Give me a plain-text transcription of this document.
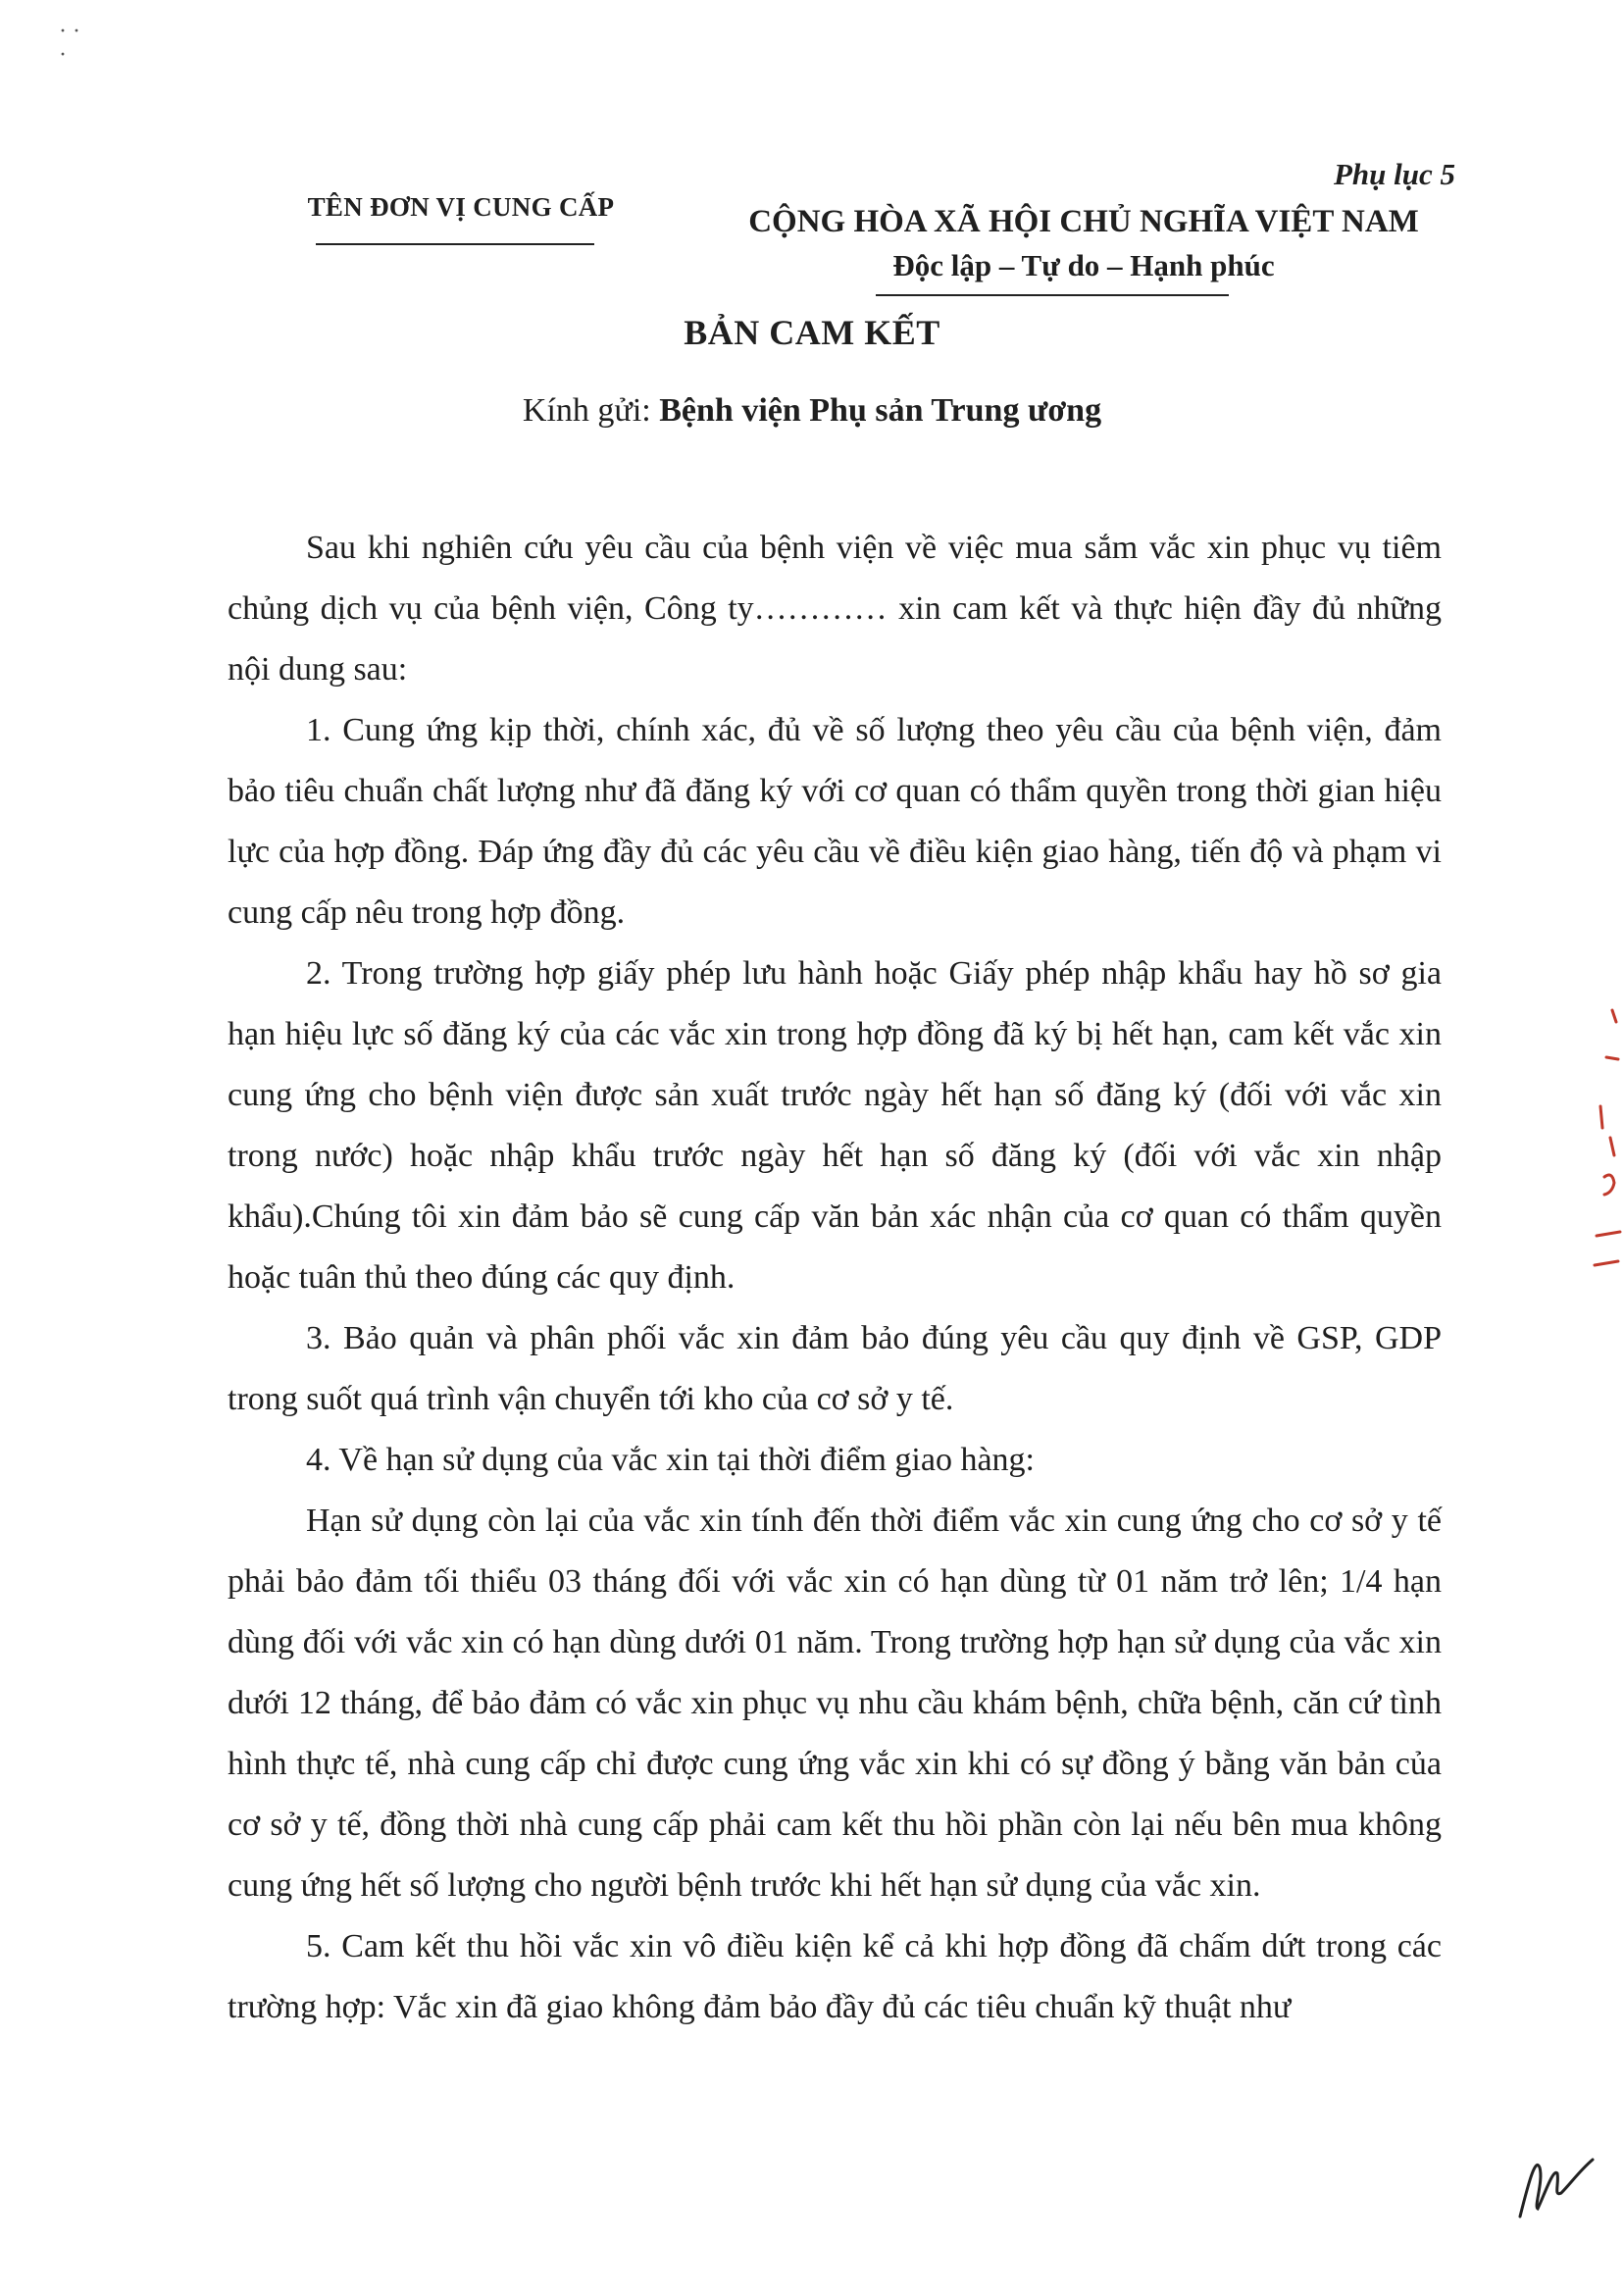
· ·
·
Phụ lục 5
TÊN ĐƠN VỊ CUNG CẤP	CỘNG HÒA XÃ HỘI CHỦ NGHĨA VIỆT NAM
Độc lập – Tự do – Hạnh phúc
BẢN CAM KẾT
Kính gửi: Bệnh viện Phụ sản Trung ương

Sau khi nghiên cứu yêu cầu của bệnh viện về việc mua sắm vắc xin phục vụ tiêm chủng dịch vụ của bệnh viện, Công ty………… xin cam kết và thực hiện đầy đủ những nội dung sau:

1. Cung ứng kịp thời, chính xác, đủ về số lượng theo yêu cầu của bệnh viện, đảm bảo tiêu chuẩn chất lượng như đã đăng ký với cơ quan có thẩm quyền trong thời gian hiệu lực của hợp đồng. Đáp ứng đầy đủ các yêu cầu về điều kiện giao hàng, tiến độ và phạm vi cung cấp nêu trong hợp đồng.

2. Trong trường hợp giấy phép lưu hành hoặc Giấy phép nhập khẩu hay hồ sơ gia hạn hiệu lực số đăng ký của các vắc xin trong hợp đồng đã ký bị hết hạn, cam kết vắc xin cung ứng cho bệnh viện được sản xuất trước ngày hết hạn số đăng ký (đối với vắc xin trong nước) hoặc nhập khẩu trước ngày hết hạn số đăng ký (đối với vắc xin nhập khẩu).Chúng tôi xin đảm bảo sẽ cung cấp văn bản xác nhận của cơ quan có thẩm quyền hoặc tuân thủ theo đúng các quy định.

3. Bảo quản và phân phối vắc xin đảm bảo đúng yêu cầu quy định về GSP, GDP trong suốt quá trình vận chuyển tới kho của cơ sở y tế.

4. Về hạn sử dụng của vắc xin tại thời điểm giao hàng:

Hạn sử dụng còn lại của vắc xin tính đến thời điểm vắc xin cung ứng cho cơ sở y tế phải bảo đảm tối thiểu 03 tháng đối với vắc xin có hạn dùng từ 01 năm trở lên; 1/4 hạn dùng đối với vắc xin có hạn dùng dưới 01 năm. Trong trường hợp hạn sử dụng của vắc xin dưới 12 tháng, để bảo đảm có vắc xin phục vụ nhu cầu khám bệnh, chữa bệnh, căn cứ tình hình thực tế, nhà cung cấp chỉ được cung ứng vắc xin khi có sự đồng ý bằng văn bản của cơ sở y tế, đồng thời nhà cung cấp phải cam kết thu hồi phần còn lại nếu bên mua không cung ứng hết số lượng cho người bệnh trước khi hết hạn sử dụng của vắc xin.

5. Cam kết thu hồi vắc xin vô điều kiện kể cả khi hợp đồng đã chấm dứt trong các trường hợp: Vắc xin đã giao không đảm bảo đầy đủ các tiêu chuẩn kỹ thuật như
